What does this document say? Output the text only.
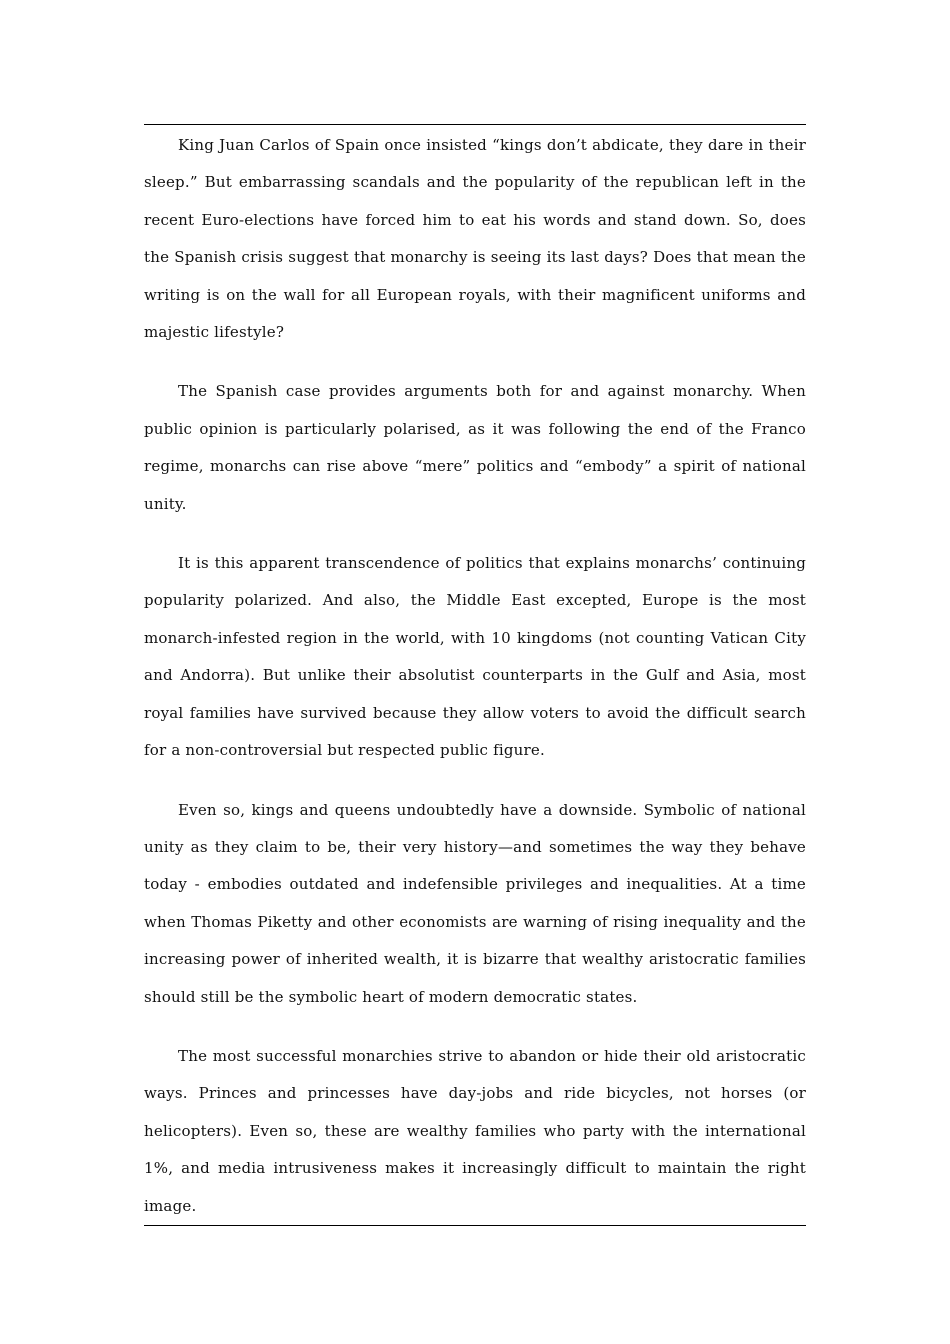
King Juan Carlos of Spain once insisted “kings don’t abdicate, they dare in their sleep.” But embarrassing scandals and the popularity of the republican left in the recent Euro-elections have forced him to eat his words and stand down. So, does the Spanish crisis suggest that monarchy is seeing its last days? Does that mean the writing is on the wall for all European royals, with their magnificent uniforms and majestic lifestyle?

The Spanish case provides arguments both for and against monarchy. When public opinion is particularly polarised, as it was following the end of the Franco regime, monarchs can rise above “mere” politics and “embody” a spirit of national unity.

It is this apparent transcendence of politics that explains monarchs’ continuing popularity polarized. And also, the Middle East excepted, Europe is the most monarch-infested region in the world, with 10 kingdoms (not counting Vatican City and Andorra). But unlike their absolutist counterparts in the Gulf and Asia, most royal families have survived because they allow voters to avoid the difficult search for a non-controversial but respected public figure.

Even so, kings and queens undoubtedly have a downside. Symbolic of national unity as they claim to be, their very history—and sometimes the way they behave today - embodies outdated and indefensible privileges and inequalities. At a time when Thomas Piketty and other economists are warning of rising inequality and the increasing power of inherited wealth, it is bizarre that wealthy aristocratic families should still be the symbolic heart of modern democratic states.

The most successful monarchies strive to abandon or hide their old aristocratic ways. Princes and princesses have day-jobs and ride bicycles, not horses (or helicopters). Even so, these are wealthy families who party with the international 1%, and media intrusiveness makes it increasingly difficult to maintain the right image.
